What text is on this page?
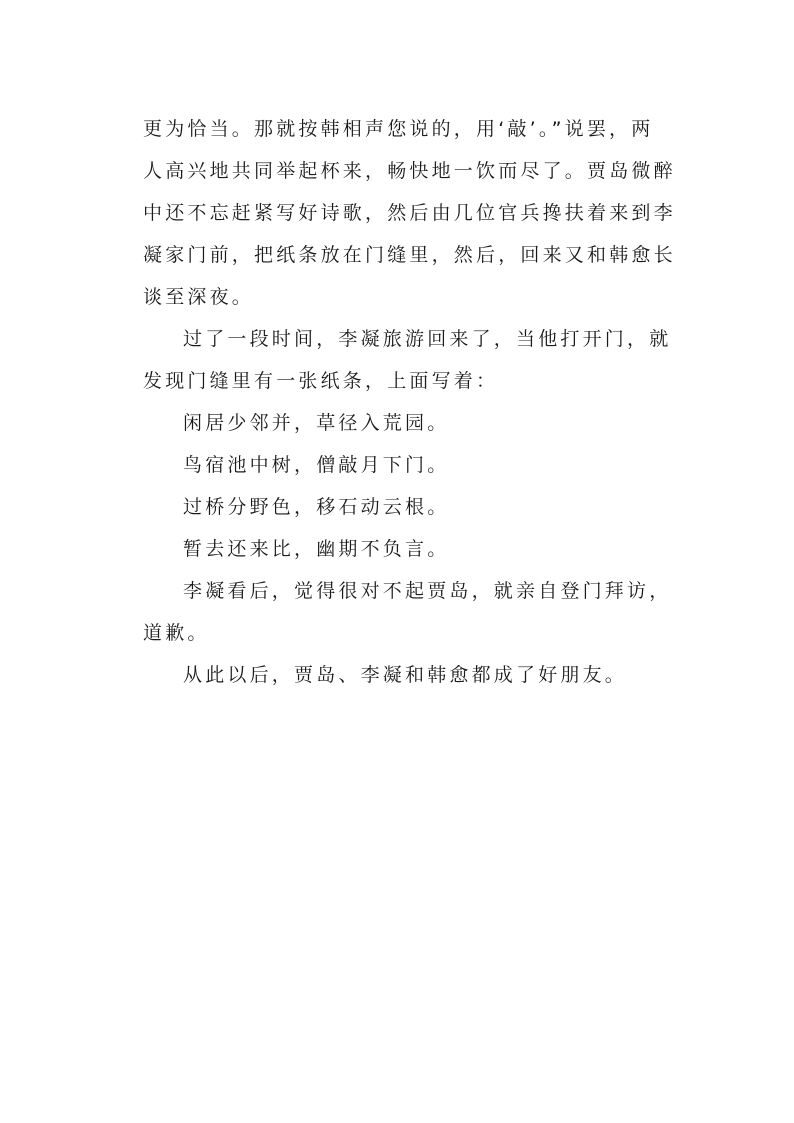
更为恰当。那就按韩相声您说的，用‘敲’。”说罢，两
人高兴地共同举起杯来，畅快地一饮而尽了。贾岛微醉
中还不忘赶紧写好诗歌，然后由几位官兵搀扶着来到李
凝家门前，把纸条放在门缝里，然后，回来又和韩愈长
谈至深夜。
过了一段时间，李凝旅游回来了，当他打开门，就
发现门缝里有一张纸条，上面写着：
闲居少邻并，草径入荒园。
鸟宿池中树，僧敲月下门。
过桥分野色，移石动云根。
暂去还来比，幽期不负言。
李凝看后，觉得很对不起贾岛，就亲自登门拜访，
道歉。
从此以后，贾岛、李凝和韩愈都成了好朋友。
